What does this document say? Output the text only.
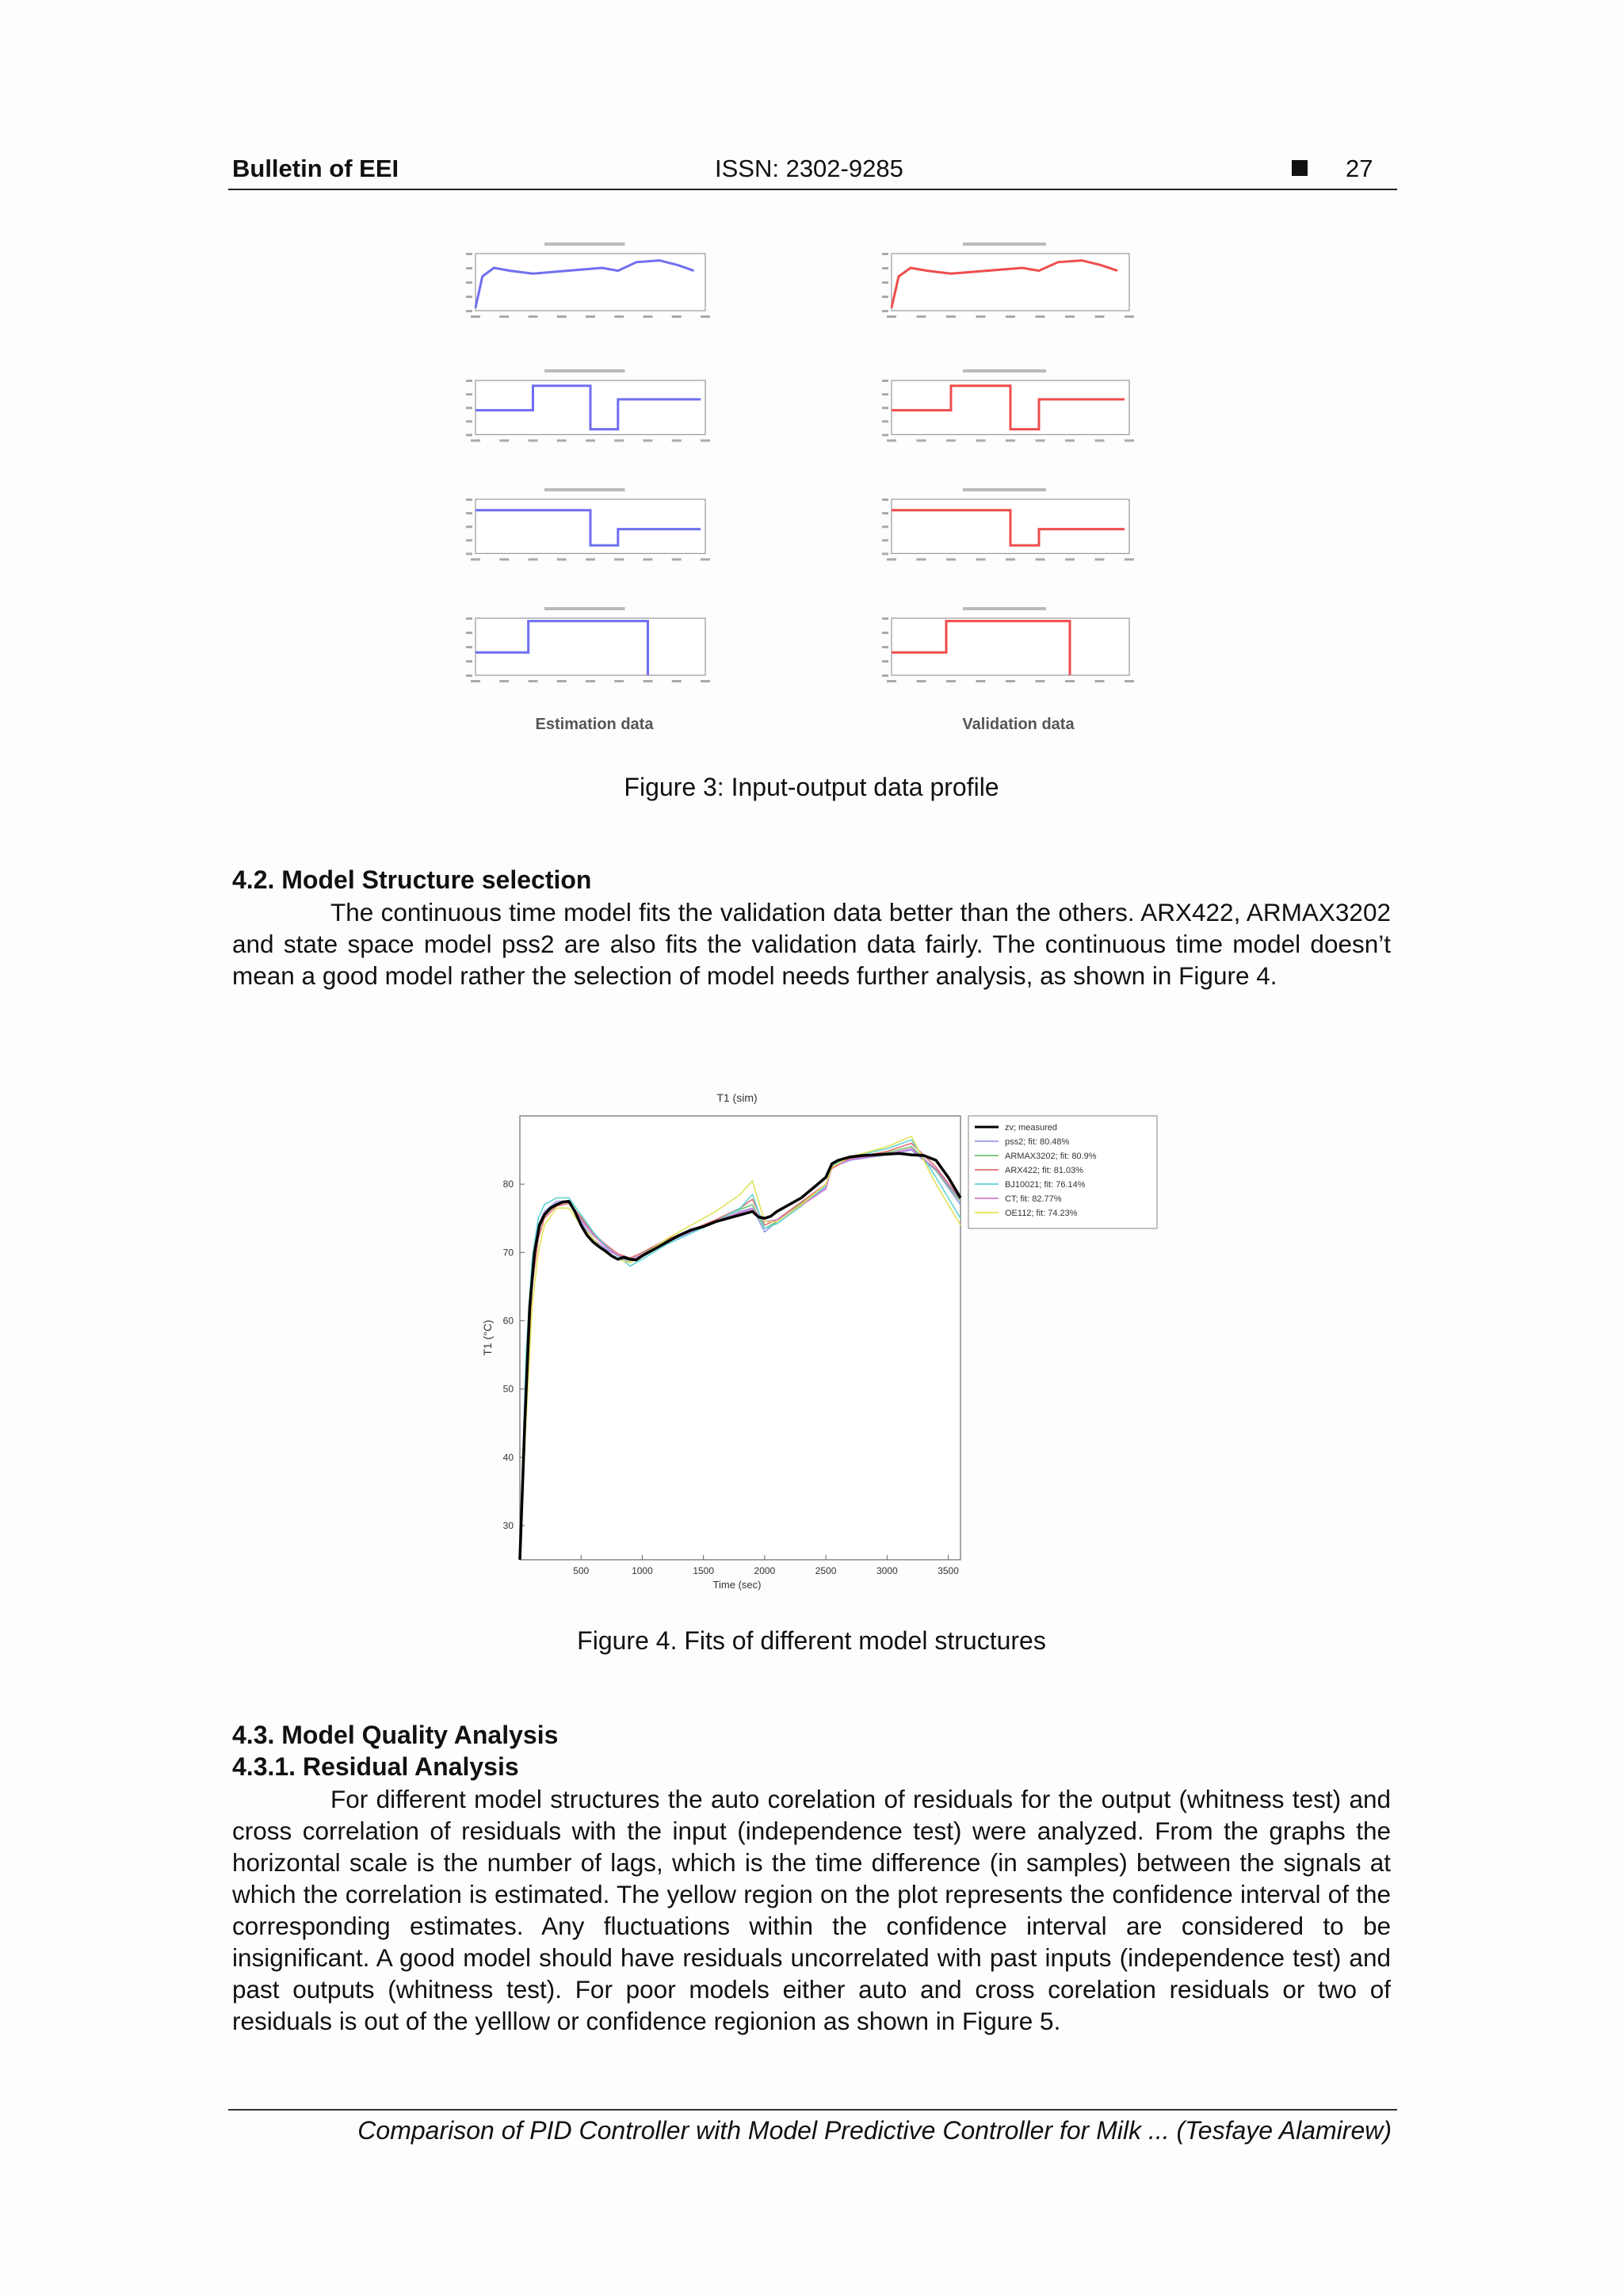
Bulletin of EEI	ISSN: 2302-9285	27
Estimation data	Validation data
Figure 3: Input-output data profile
4.2. Model Structure selection
The continuous time model fits the validation data better than the others. ARX422, ARMAX3202 and state space model pss2 are also fits the validation data fairly. The continuous time model doesn’t mean a good model rather the selection of model needs further analysis, as shown in Figure 4.
T1 (sim)
500	1000	1500	2000	2500	3000	3500
30
40
50
60
70
80
Time (sec)
T1 (°C)
zv; measured
pss2; fit: 80.48%
ARMAX3202; fit: 80.9%
ARX422; fit: 81.03%
BJ10021; fit: 76.14%
CT; fit: 82.77%
OE112; fit: 74.23%
Figure 4. Fits of different model structures
4.3. Model Quality Analysis
4.3.1. Residual Analysis
For different model structures the auto corelation of residuals for the output (whitness test) and cross correlation of residuals with the input (independence test) were analyzed. From the graphs the horizontal scale is the number of lags, which is the time difference (in samples) between the signals at which the correlation is estimated. The yellow region on the plot represents the confidence interval of the corresponding estimates. Any fluctuations within the confidence interval are considered to be insignificant. A good model should have residuals uncorrelated with past inputs (independence test) and past outputs (whitness test). For poor models either auto and cross corelation residuals or two of residuals is out of the yelllow or confidence regionion as shown in Figure 5.
Comparison of PID Controller with Model Predictive Controller for Milk ... (Tesfaye Alamirew)
